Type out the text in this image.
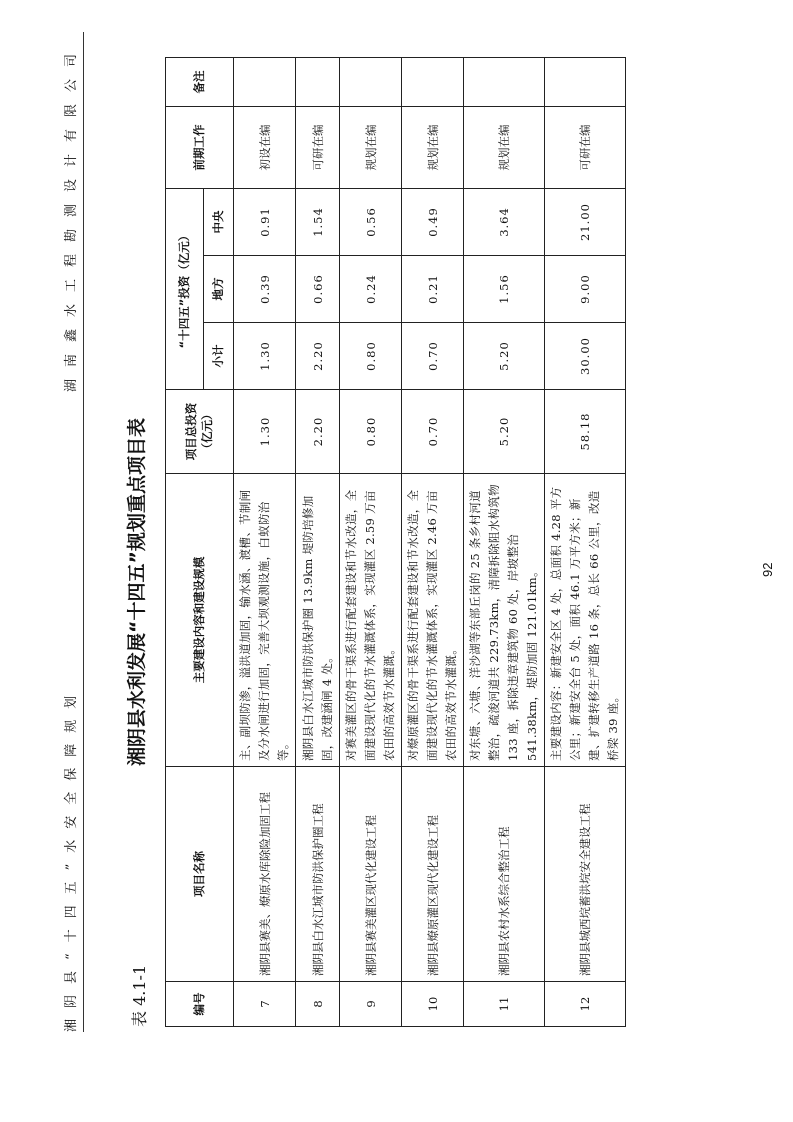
湘阴县“十四五”水安全保障规划
湖南鑫水工程勘测设计有限公司
表 4.1-1
湘阴县水利发展“十四五”规划重点项目表
编号	项目名称	主要建设内容和建设规模	项目总投资（亿元）	“十四五”投资（亿元）			前期工作	备注
				小计	地方	中央		
7	湘阴县赛美、燎原水库除险加固工程	主、副坝防渗，溢洪道加固，输水涵、渡槽、节制闸及分水闸进行加固，完善大坝观测设施，白蚁防治等。	1.30	1.30	0.39	0.91	初设在编	
8	湘阴县白水江城市防洪保护圈工程	湘阴县白水江城市防洪保护圈 13.9km 堤防培修加固，改建涵闸 4 处。	2.20	2.20	0.66	1.54	可研在编	
9	湘阴县赛美灌区现代化建设工程	对赛美灌区的骨干渠系进行配套建设和节水改造，全面建设现代化的节水灌溉体系，实现灌区 2.59 万亩农田的高效节水灌溉。	0.80	0.80	0.24	0.56	规划在编	
10	湘阴县燎原灌区现代化建设工程	对燎原灌区的骨干渠系进行配套建设和节水改造，全面建设现代化的节水灌溉体系，实现灌区 2.46 万亩农田的高效节水灌溉。	0.70	0.70	0.21	0.49	规划在编	
11	湘阴县农村水系综合整治工程	对东塘、六塘、洋沙湖等东部丘岗的 25 条乡村河道整治，疏浚河道共 229.73km，清障拆除阻水构筑物 133 座，拆除违章建筑物 60 处，岸坡整治 541.38km，堤防加固 121.01km。	5.20	5.20	1.56	3.64	规划在编	
12	湘阴县城西垸蓄洪垸安全建设工程	主要建设内容：新建安全区 4 处，总面积 4.28 平方公里；新建安全台 5 处，面积 46.1 万平方米；新建、扩建转移生产道路 16 条，总长 66 公里，改造桥梁 39 座。	58.18	30.00	9.00	21.00	可研在编	
92
